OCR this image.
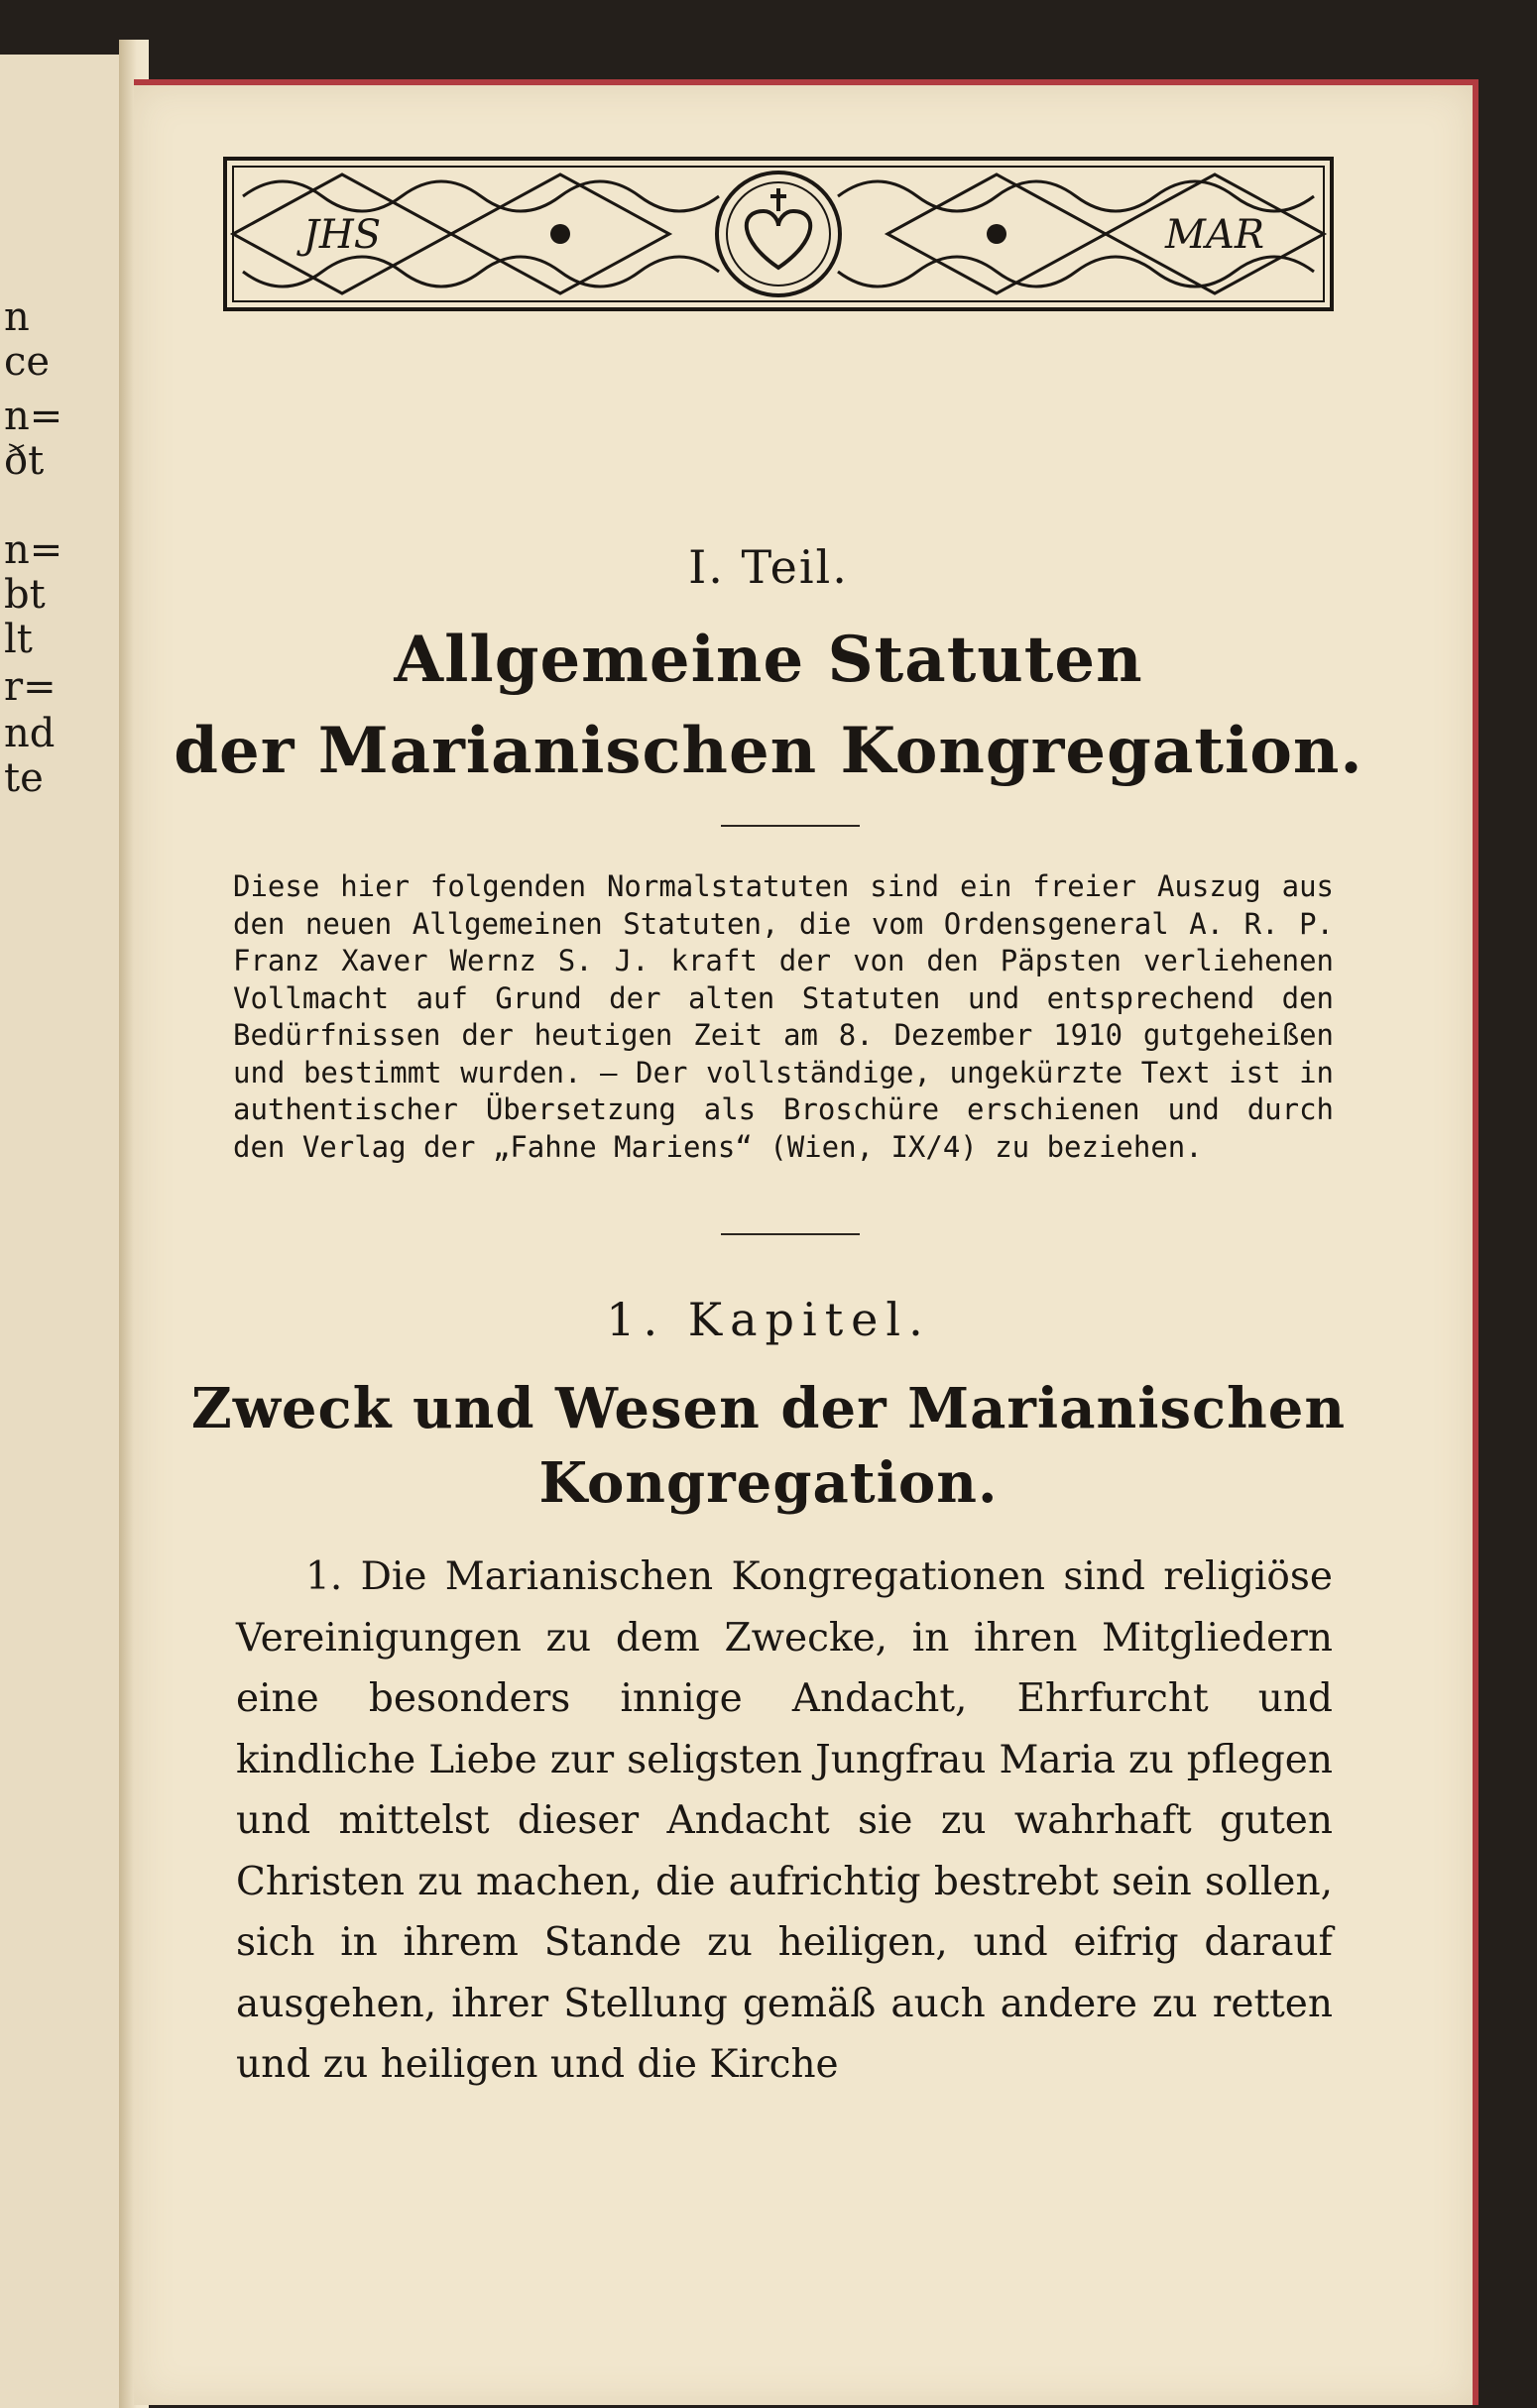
n
ce
n=
ðt
n=
bt
lt
r=
nd
te
JHS	MAR
I. Teil.
Allgemeine Statuten
der Marianischen Kongregation.
Diese hier folgenden Normalstatuten sind ein freier Auszug aus den neuen Allgemeinen Statuten, die vom Ordensgeneral A. R. P. Franz Xaver Wernz S. J. kraft der von den Päpsten verliehenen Vollmacht auf Grund der alten Statuten und entsprechend den Bedürfnissen der heutigen Zeit am 8. Dezember 1910 gutgeheißen und bestimmt wurden. — Der vollständige, ungekürzte Text ist in authentischer Übersetzung als Broschüre erschienen und durch den Verlag der „Fahne Mariens“ (Wien, IX/4) zu beziehen.
1. Kapitel.
Zweck und Wesen der Marianischen
Kongregation.
1. Die Marianischen Kongregationen sind religiöse Vereinigungen zu dem Zwecke, in ihren Mitgliedern eine besonders innige Andacht, Ehrfurcht und kindliche Liebe zur seligsten Jungfrau Maria zu pflegen und mittelst dieser Andacht sie zu wahrhaft guten Christen zu machen, die aufrichtig bestrebt sein sollen, sich in ihrem Stande zu heiligen, und eifrig darauf ausgehen, ihrer Stellung gemäß auch andere zu retten und zu heiligen und die Kirche
